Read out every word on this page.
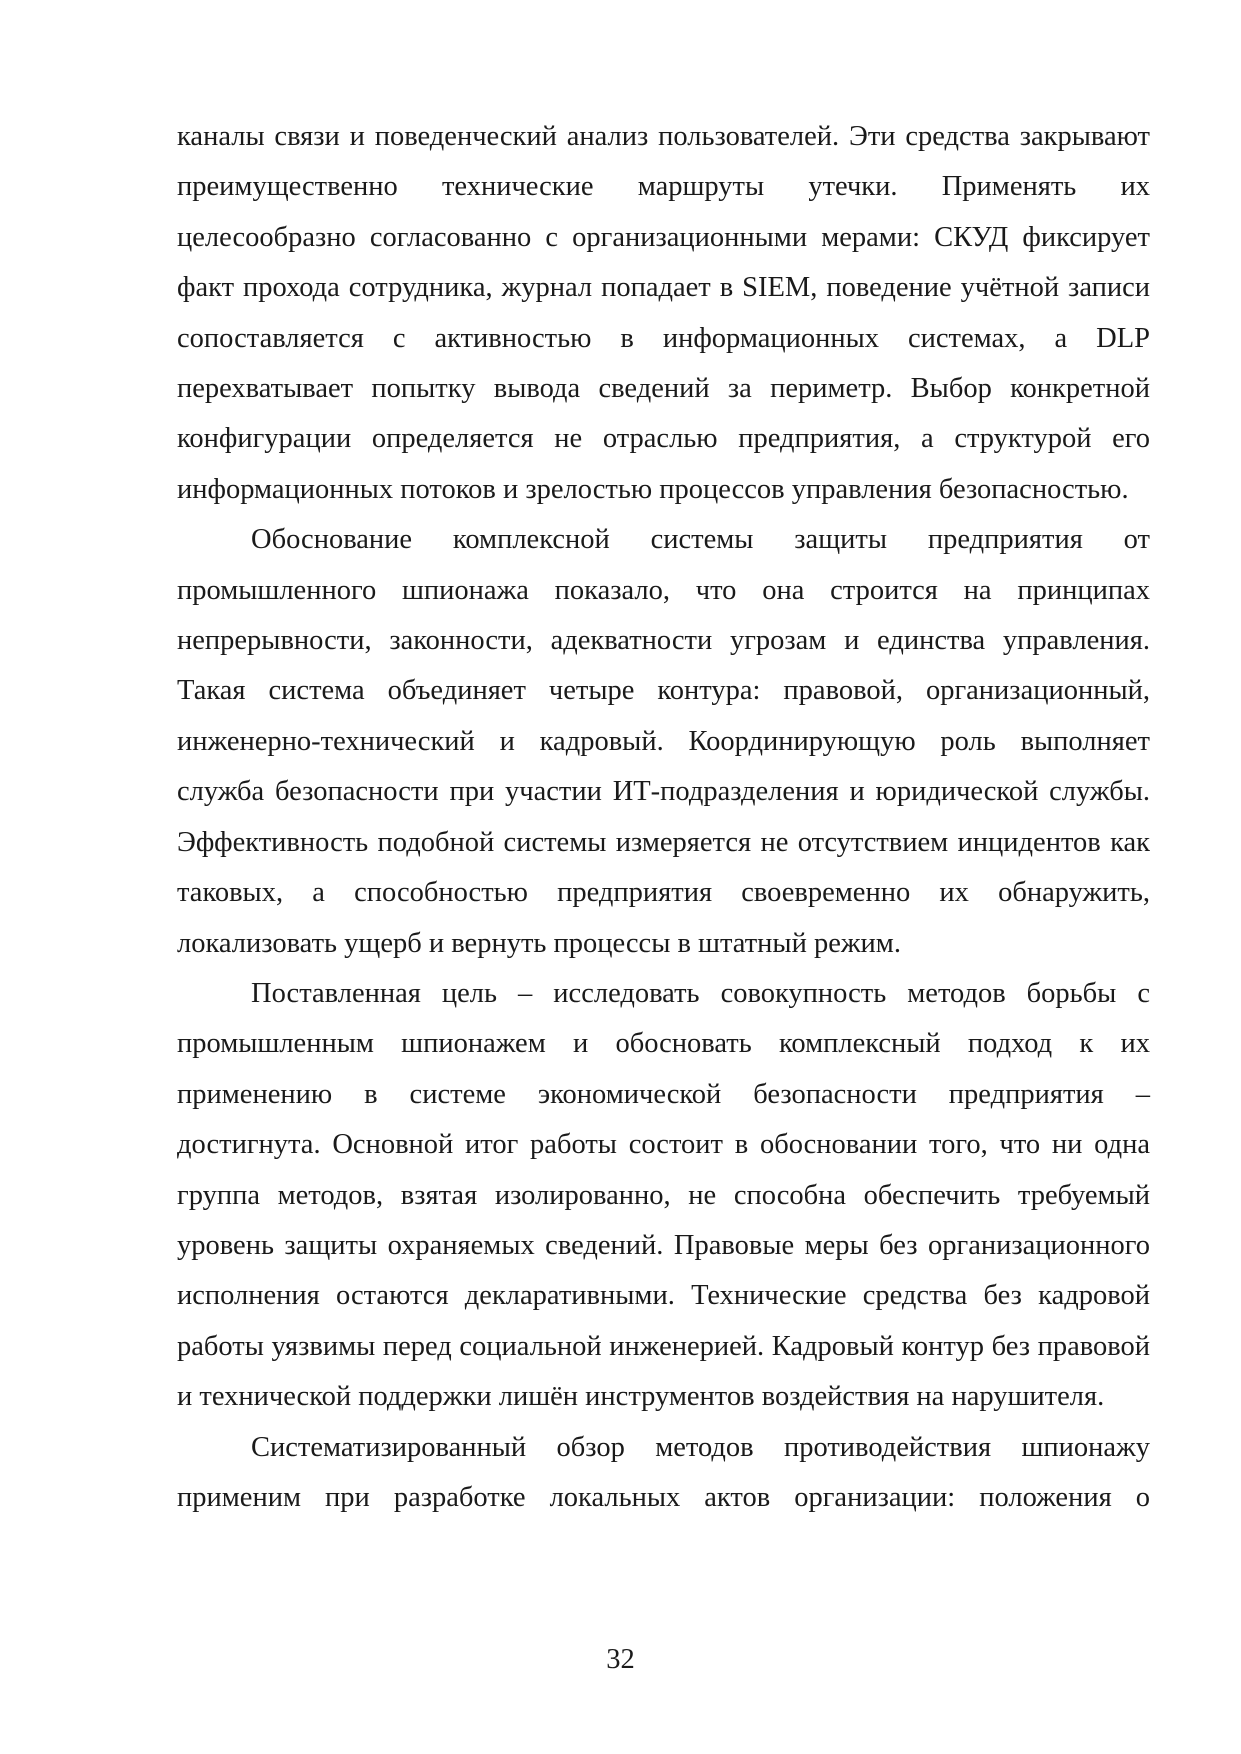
каналы связи и поведенческий анализ пользователей. Эти средства закрывают преимущественно технические маршруты утечки. Применять их целесообразно согласованно с организационными мерами: СКУД фиксирует факт прохода сотрудника, журнал попадает в SIEM, поведение учётной записи сопоставляется с активностью в информационных системах, а DLP перехватывает попытку вывода сведений за периметр. Выбор конкретной конфигурации определяется не отраслью предприятия, а структурой его информационных потоков и зрелостью процессов управления безопасностью.

Обоснование комплексной системы защиты предприятия от промышленного шпионажа показало, что она строится на принципах непрерывности, законности, адекватности угрозам и единства управления. Такая система объединяет четыре контура: правовой, организационный, инженерно-технический и кадровый. Координирующую роль выполняет служба безопасности при участии ИТ-подразделения и юридической службы. Эффективность подобной системы измеряется не отсутствием инцидентов как таковых, а способностью предприятия своевременно их обнаружить, локализовать ущерб и вернуть процессы в штатный режим.

Поставленная цель – исследовать совокупность методов борьбы с промышленным шпионажем и обосновать комплексный подход к их применению в системе экономической безопасности предприятия – достигнута. Основной итог работы состоит в обосновании того, что ни одна группа методов, взятая изолированно, не способна обеспечить требуемый уровень защиты охраняемых сведений. Правовые меры без организационного исполнения остаются декларативными. Технические средства без кадровой работы уязвимы перед социальной инженерией. Кадровый контур без правовой и технической поддержки лишён инструментов воздействия на нарушителя.

Систематизированный обзор методов противодействия шпионажу применим при разработке локальных актов организации: положения о

32
